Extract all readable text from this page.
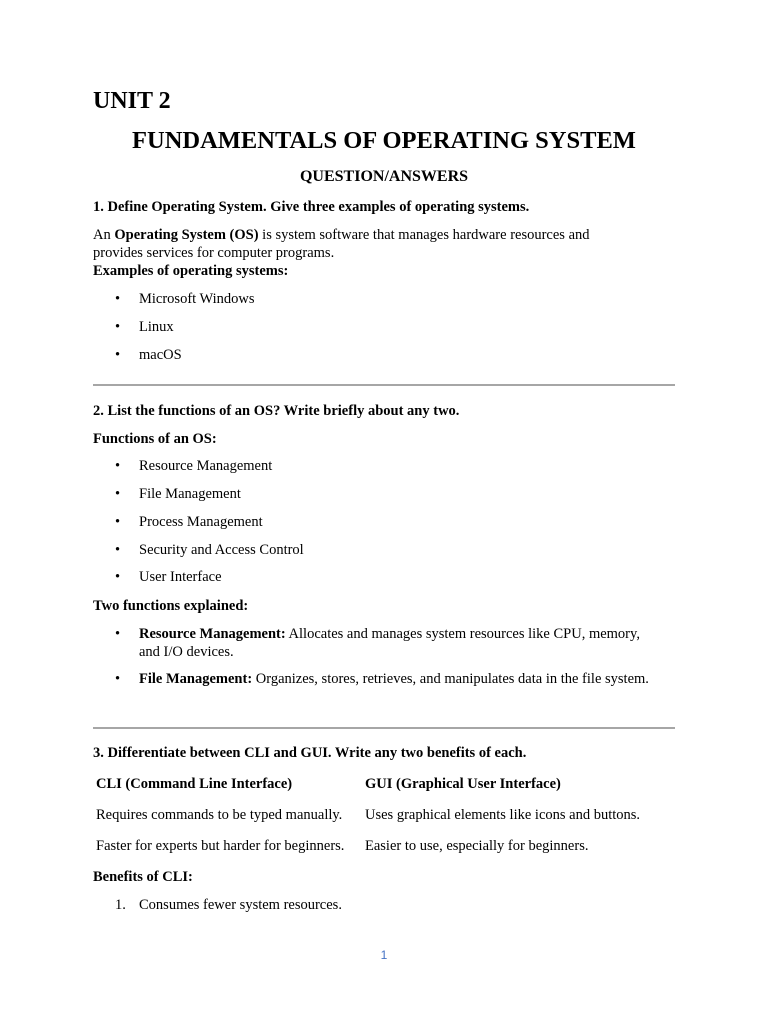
UNIT 2
FUNDAMENTALS OF OPERATING SYSTEM
QUESTION/ANSWERS
1. Define Operating System. Give three examples of operating systems.
An Operating System (OS) is system software that manages hardware resources and
provides services for computer programs.
Examples of operating systems:
• Microsoft Windows
• Linux
• macOS
2. List the functions of an OS? Write briefly about any two.
Functions of an OS:
• Resource Management
• File Management
• Process Management
• Security and Access Control
• User Interface
Two functions explained:
• Resource Management: Allocates and manages system resources like CPU, memory, and I/O devices.

• File Management: Organizes, stores, retrieves, and manipulates data in the file system.

3. Differentiate between CLI and GUI. Write any two benefits of each.
CLI (Command Line Interface)	GUI (Graphical User Interface)
Requires commands to be typed manually. Uses graphical elements like icons and buttons.
Faster for experts but harder for beginners. Easier to use, especially for beginners.
Benefits of CLI:
1. Consumes fewer system resources.
1
